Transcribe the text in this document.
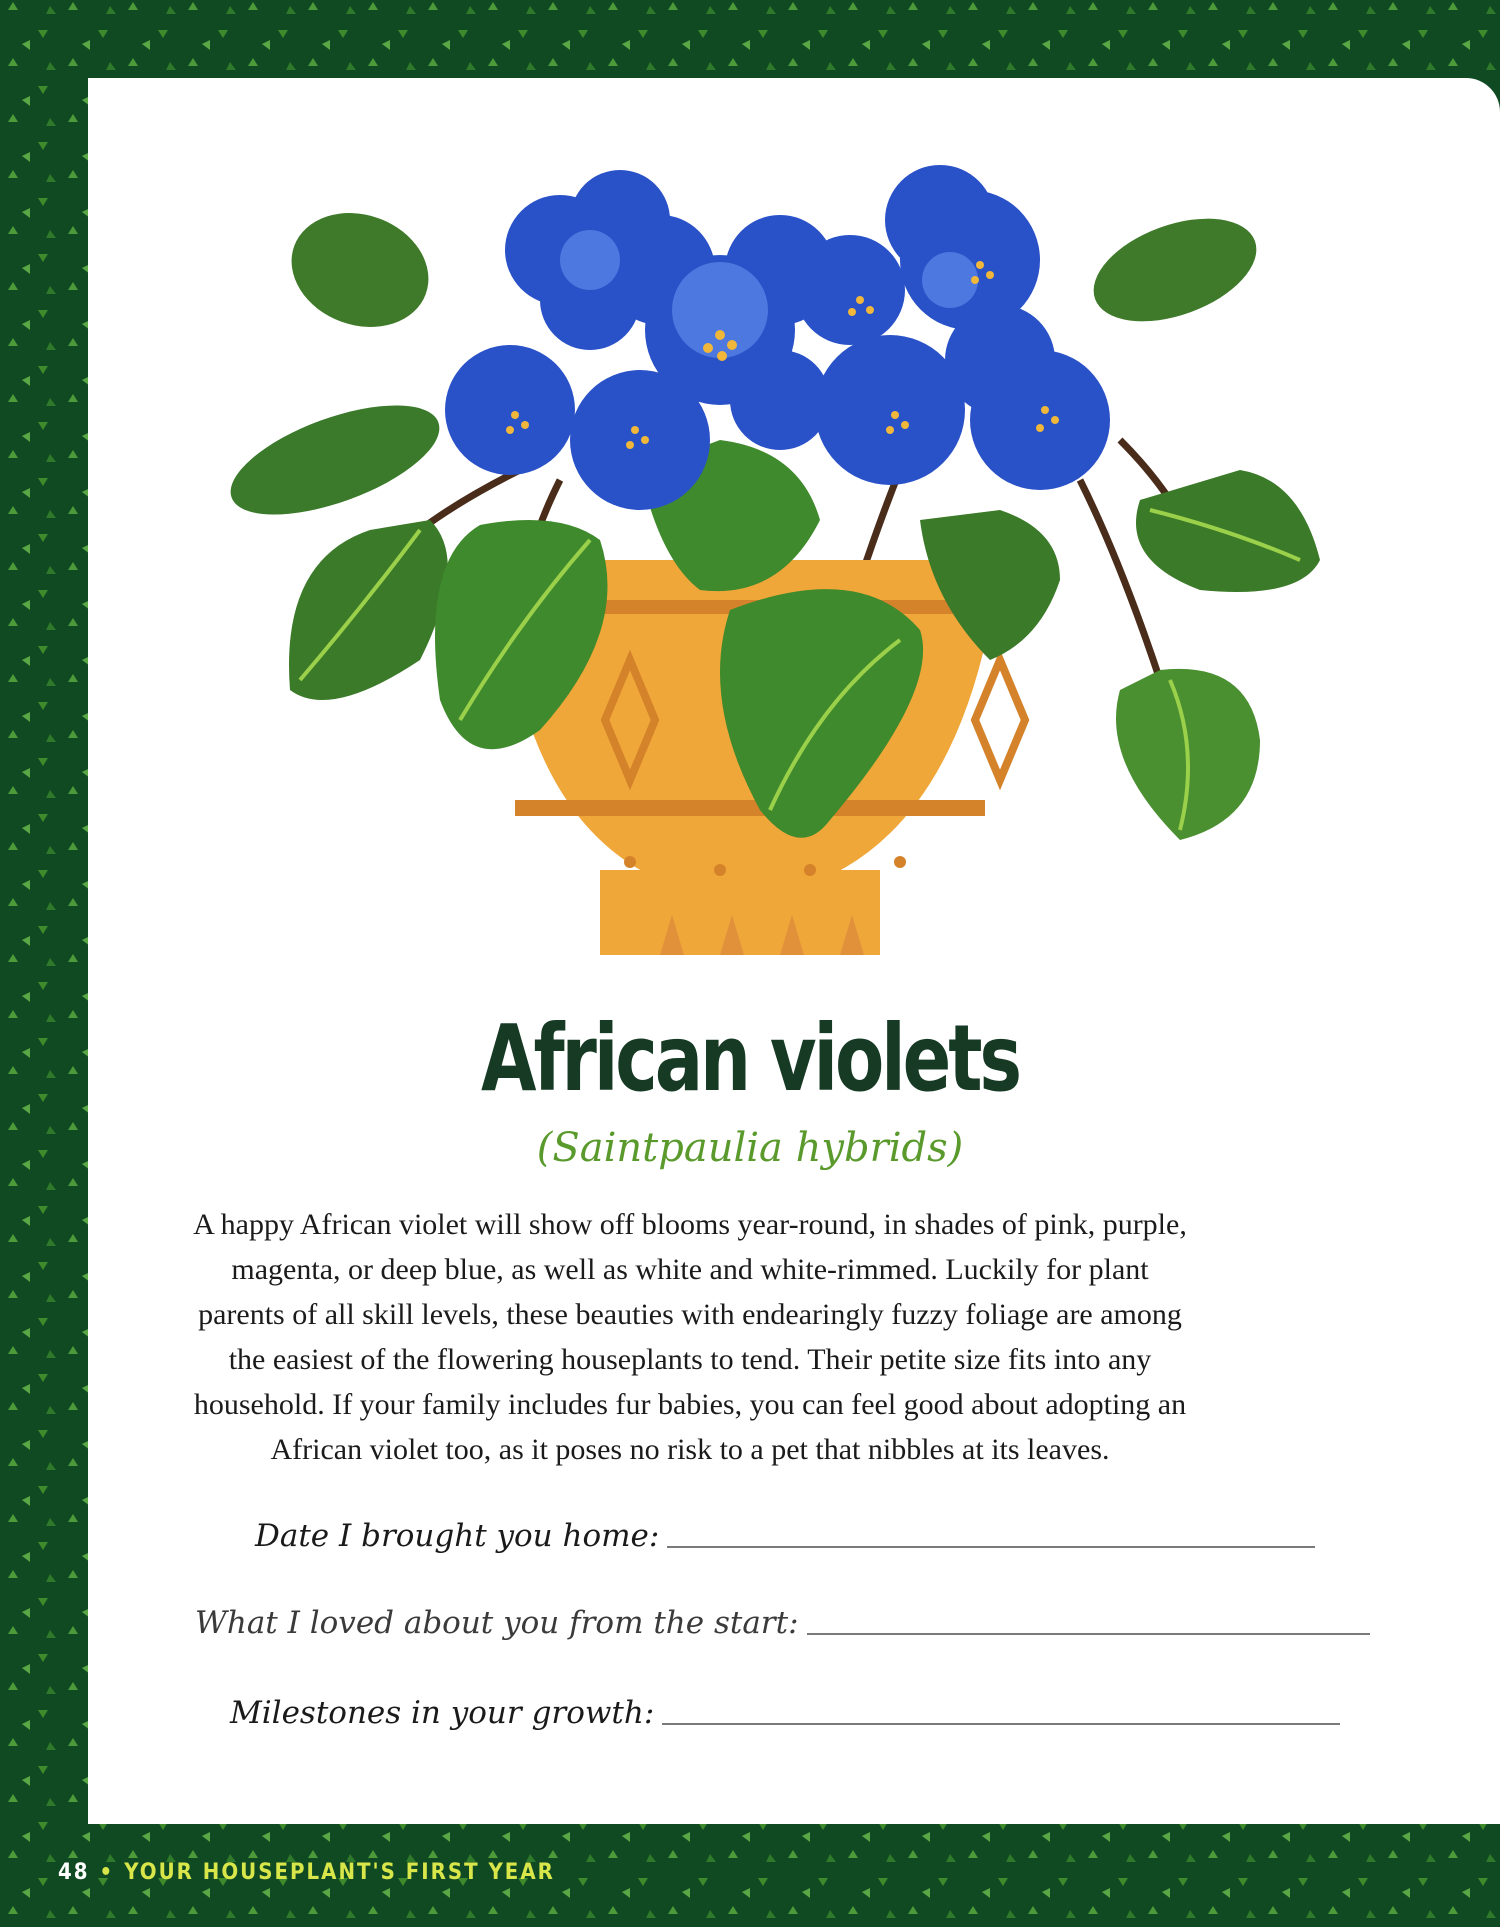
African violets
(Saintpaulia hybrids)
A happy African violet will show off blooms year-round, in shades of pink, purple, magenta, or deep blue, as well as white and white-rimmed. Luckily for plant parents of all skill levels, these beauties with endearingly fuzzy foliage are among the easiest of the flowering houseplants to tend. Their petite size fits into any household. If your family includes fur babies, you can feel good about adopting an African violet too, as it poses no risk to a pet that nibbles at its leaves.
Date I brought you home:
What I loved about you from the start:
Milestones in your growth:
48 • YOUR HOUSEPLANT'S FIRST YEAR
